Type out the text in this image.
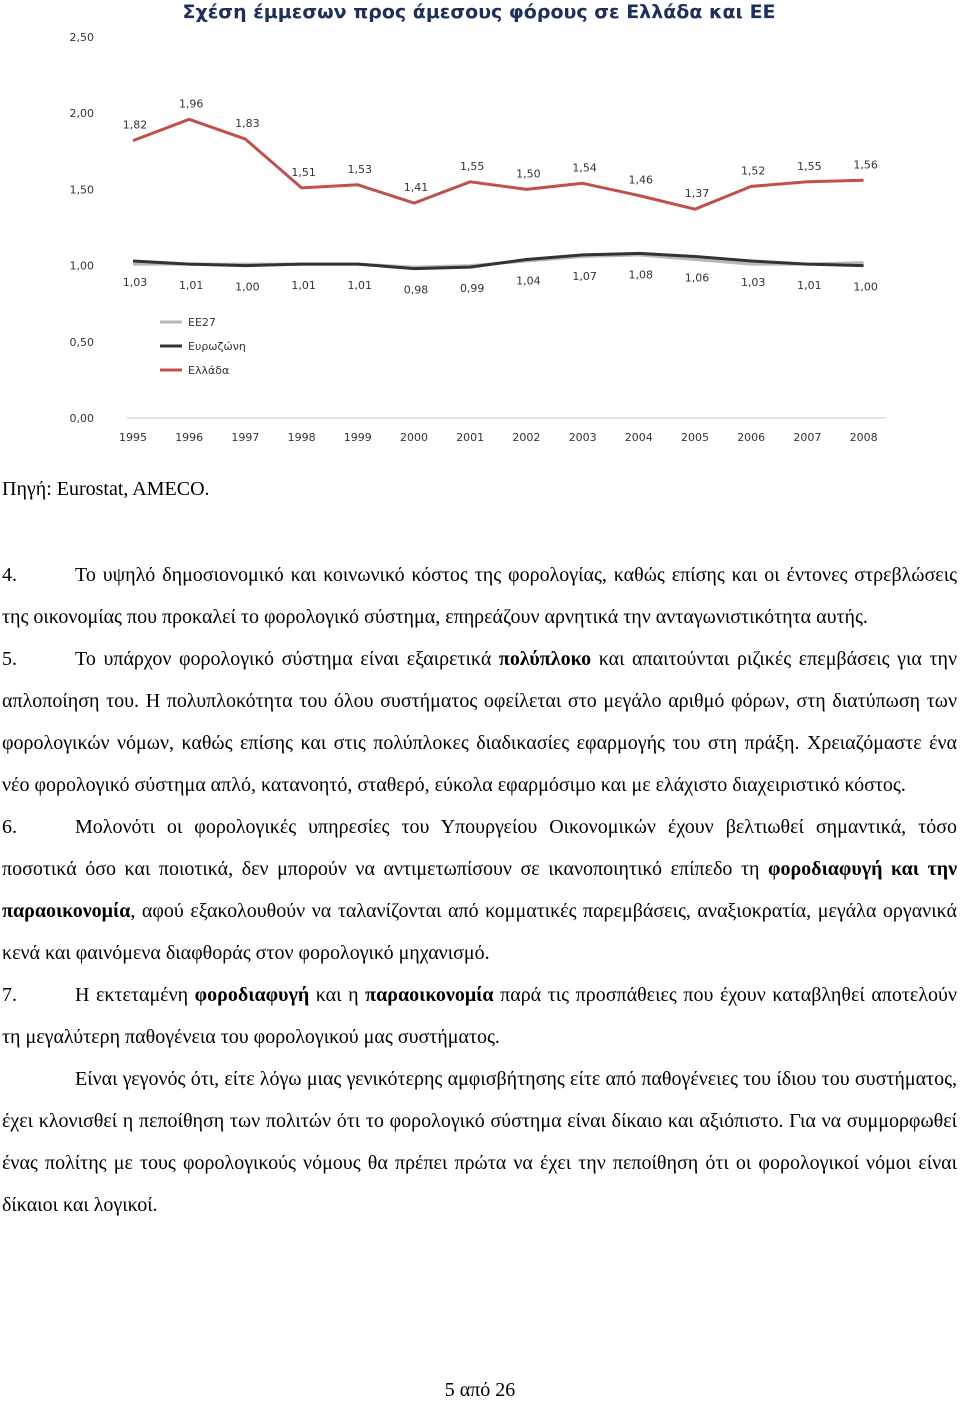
Σχέση έμμεσων προς άμεσους φόρους σε Ελλάδα και ΕΕ
0,00
0,50
1,00
1,50
2,00
2,50
1995	1996	1997	1998	1999	2000	2001	2002	2003	2004	2005	2006	2007	2008
1,82
1,96
1,83
1,51	1,53
1,41
1,55
1,50	1,54
1,46
1,37
1,52	1,55	1,56
1,03	1,01	1,00	1,01	1,01	0,98	0,99
1,04	1,07	1,08	1,06	1,03	1,01	1,00
ΕΕ27
Ευρωζώνη
Ελλάδα
Πηγή: Eurostat, AMECO.

4.	Το υψηλό δημοσιονομικό και κοινωνικό κόστος της φορολογίας, καθώς επίσης και οι έντονες στρεβλώσεις της οικονομίας που προκαλεί το φορολογικό σύστημα, επηρεάζουν αρνητικά την ανταγωνιστικότητα αυτής.

5.	Το υπάρχον φορολογικό σύστημα είναι εξαιρετικά πολύπλοκο και απαιτούνται ριζικές επεμβάσεις για την απλοποίηση του. Η πολυπλοκότητα του όλου συστήματος οφείλεται στο μεγάλο αριθμό φόρων, στη διατύπωση των φορολογικών νόμων, καθώς επίσης και στις πολύπλοκες διαδικασίες εφαρμογής του στη πράξη. Χρειαζόμαστε ένα νέο φορολογικό σύστημα απλό, κατανοητό, σταθερό, εύκολα εφαρμόσιμο και με ελάχιστο διαχειριστικό κόστος.

6.	Μολονότι οι φορολογικές υπηρεσίες του Υπουργείου Οικονομικών έχουν βελτιωθεί σημαντικά, τόσο ποσοτικά όσο και ποιοτικά, δεν μπορούν να αντιμετωπίσουν σε ικανοποιητικό επίπεδο τη φοροδιαφυγή και την παραοικονομία, αφού εξακολουθούν να ταλανίζονται από κομματικές παρεμβάσεις, αναξιοκρατία, μεγάλα οργανικά κενά και φαινόμενα διαφθοράς στον φορολογικό μηχανισμό.

7.	Η εκτεταμένη φοροδιαφυγή και η παραοικονομία παρά τις προσπάθειες που έχουν καταβληθεί αποτελούν τη μεγαλύτερη παθογένεια του φορολογικού μας συστήματος.

Είναι γεγονός ότι, είτε λόγω μιας γενικότερης αμφισβήτησης είτε από παθογένειες του ίδιου του συστήματος, έχει κλονισθεί η πεποίθηση των πολιτών ότι το φορολογικό σύστημα είναι δίκαιο και αξιόπιστο. Για να συμμορφωθεί ένας πολίτης με τους φορολογικούς νόμους θα πρέπει πρώτα να έχει την πεποίθηση ότι οι φορολογικοί νόμοι είναι δίκαιοι και λογικοί.

5 από 26
